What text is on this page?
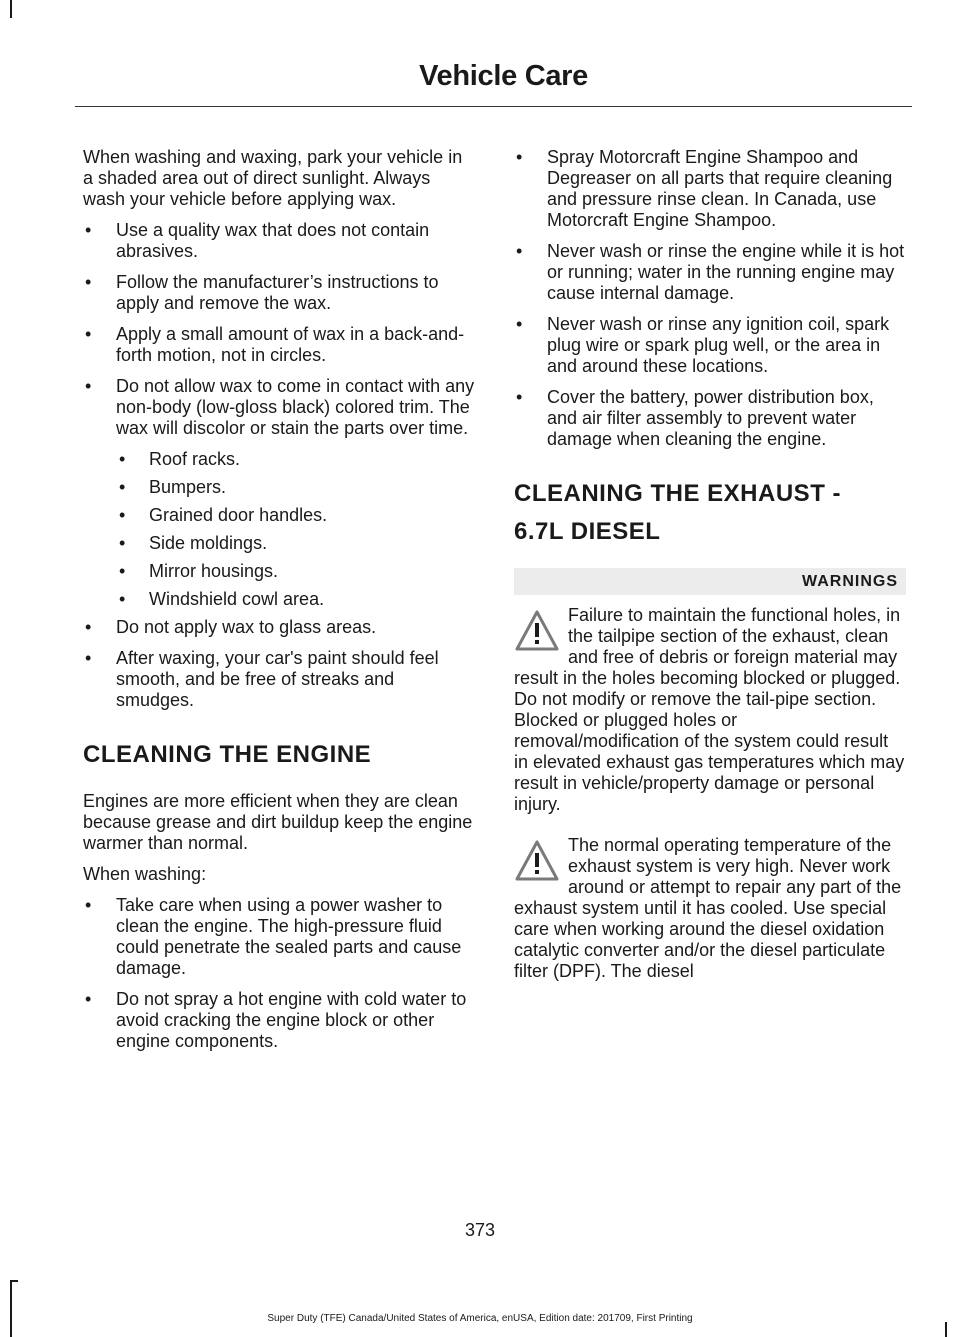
Vehicle Care

When washing and waxing, park your vehicle in a shaded area out of direct sunlight. Always wash your vehicle before applying wax.

• Use a quality wax that does not contain abrasives.
• Follow the manufacturer’s instructions to apply and remove the wax.
• Apply a small amount of wax in a back-and-forth motion, not in circles.
• Do not allow wax to come in contact with any non-body (low-gloss black) colored trim. The wax will discolor or stain the parts over time.
• Roof racks.
• Bumpers.
• Grained door handles.
• Side moldings.
• Mirror housings.
• Windshield cowl area.
• Do not apply wax to glass areas.
• After waxing, your car's paint should feel smooth, and be free of streaks and smudges.
CLEANING THE ENGINE

Engines are more efficient when they are clean because grease and dirt buildup keep the engine warmer than normal.

When washing:

• Take care when using a power washer to clean the engine. The high-pressure fluid could penetrate the sealed parts and cause damage.
• Do not spray a hot engine with cold water to avoid cracking the engine block or other engine components.
• Spray Motorcraft Engine Shampoo and Degreaser on all parts that require cleaning and pressure rinse clean. In Canada, use Motorcraft Engine Shampoo.
• Never wash or rinse the engine while it is hot or running; water in the running engine may cause internal damage.
• Never wash or rinse any ignition coil, spark plug wire or spark plug well, or the area in and around these locations.
• Cover the battery, power distribution box, and air filter assembly to prevent water damage when cleaning the engine.
CLEANING THE EXHAUST -
6.7L DIESEL
WARNINGS
Failure to maintain the functional holes, in the tailpipe section of the exhaust, clean and free of debris or foreign material may result in the holes becoming blocked or plugged. Do not modify or remove the tail-pipe section. Blocked or plugged holes or removal/modification of the system could result in elevated exhaust gas temperatures which may result in vehicle/property damage or personal injury.
The normal operating temperature of the exhaust system is very high. Never work around or attempt to repair any part of the exhaust system until it has cooled. Use special care when working around the diesel oxidation catalytic converter and/or the diesel particulate filter (DPF). The diesel
373
Super Duty (TFE) Canada/United States of America, enUSA, Edition date: 201709, First Printing
